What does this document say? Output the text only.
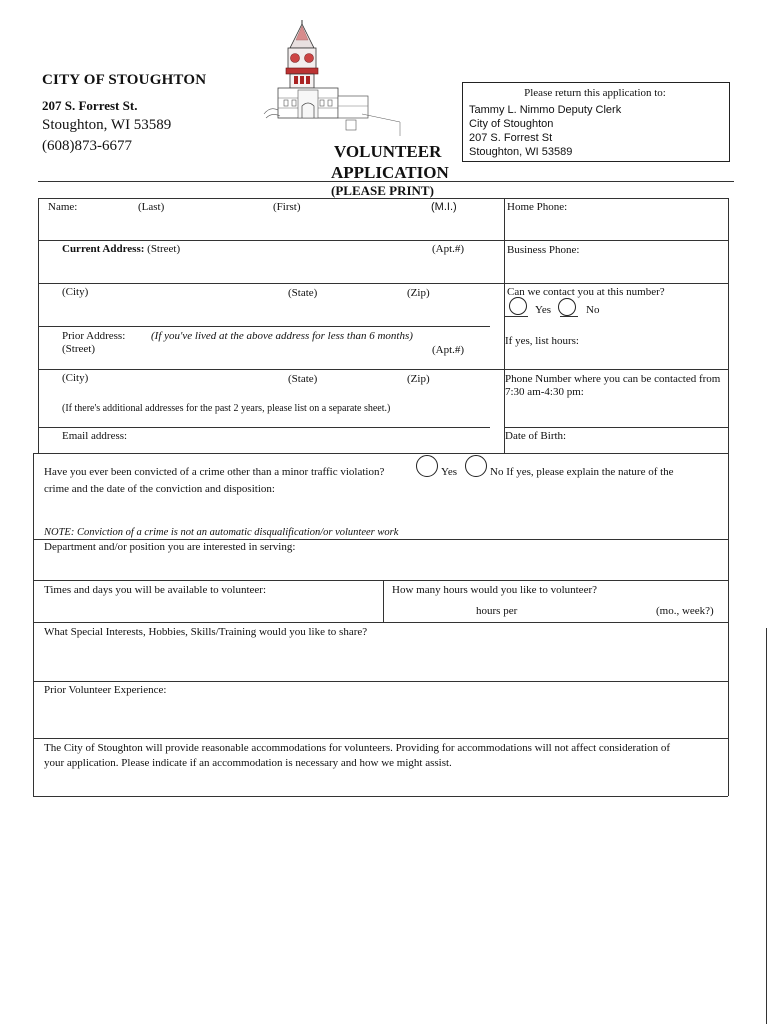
CITY OF STOUGHTON
207 S. Forrest St.
Stoughton, WI 53589
(608)873-6677
Please return this application to:
Tammy L. Nimmo Deputy Clerk
City of Stoughton
207 S. Forrest St
Stoughton, WI 53589
VOLUNTEER
APPLICATION
(PLEASE PRINT)
Name:	(Last)	(First)	(M.I.)	Home Phone:
Current Address: (Street)	(Apt.#)	Business Phone:
(City)	(State)	(Zip)	Can we contact you at this number?
Yes	No
Prior Address: (If you've lived at the above address for less than 6 months)
(Street)	(Apt.#)
If yes, list hours:
(City)	(State)	(Zip)	Phone Number where you can be contacted from 7:30 am-4:30 pm:
(If there's additional addresses for the past 2 years, please list on a separate sheet.)
Email address:	Date of Birth:
Have you ever been convicted of a crime other than a minor traffic violation?	Yes	No If yes, please explain the nature of the
crime and the date of the conviction and disposition:
NOTE: Conviction of a crime is not an automatic disqualification/or volunteer work
Department and/or position you are interested in serving:
Times and days you will be available to volunteer:	How many hours would you like to volunteer?
hours per	(mo., week?)
What Special Interests, Hobbies, Skills/Training would you like to share?
Prior Volunteer Experience:
The City of Stoughton will provide reasonable accommodations for volunteers. Providing for accommodations will not affect consideration of your application. Please indicate if an accommodation is necessary and how we might assist.
